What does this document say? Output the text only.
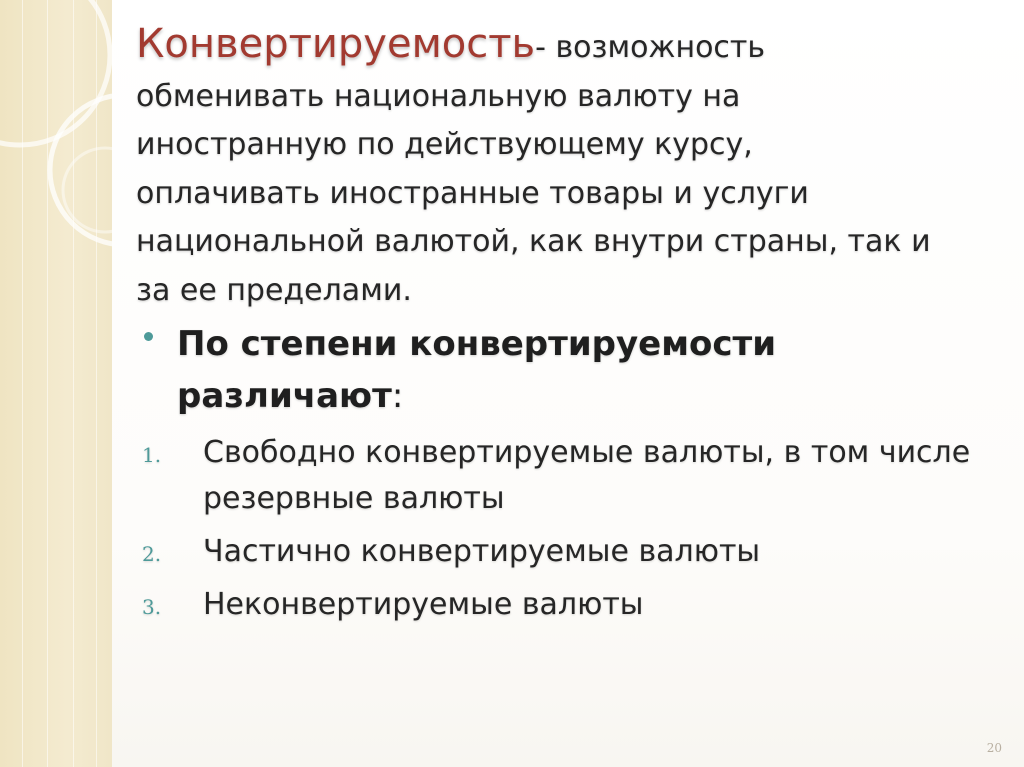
Конвертируемость- возможность
обменивать национальную валюту на
иностранную по действующему курсу,
оплачивать иностранные товары и услуги
национальной валютой, как внутри страны, так и
за ее пределами.

По степени конвертируемости различают:

1. Свободно конвертируемые валюты, в том числе резервные валюты
2. Частично конвертируемые валюты
3. Неконвертируемые валюты
20
